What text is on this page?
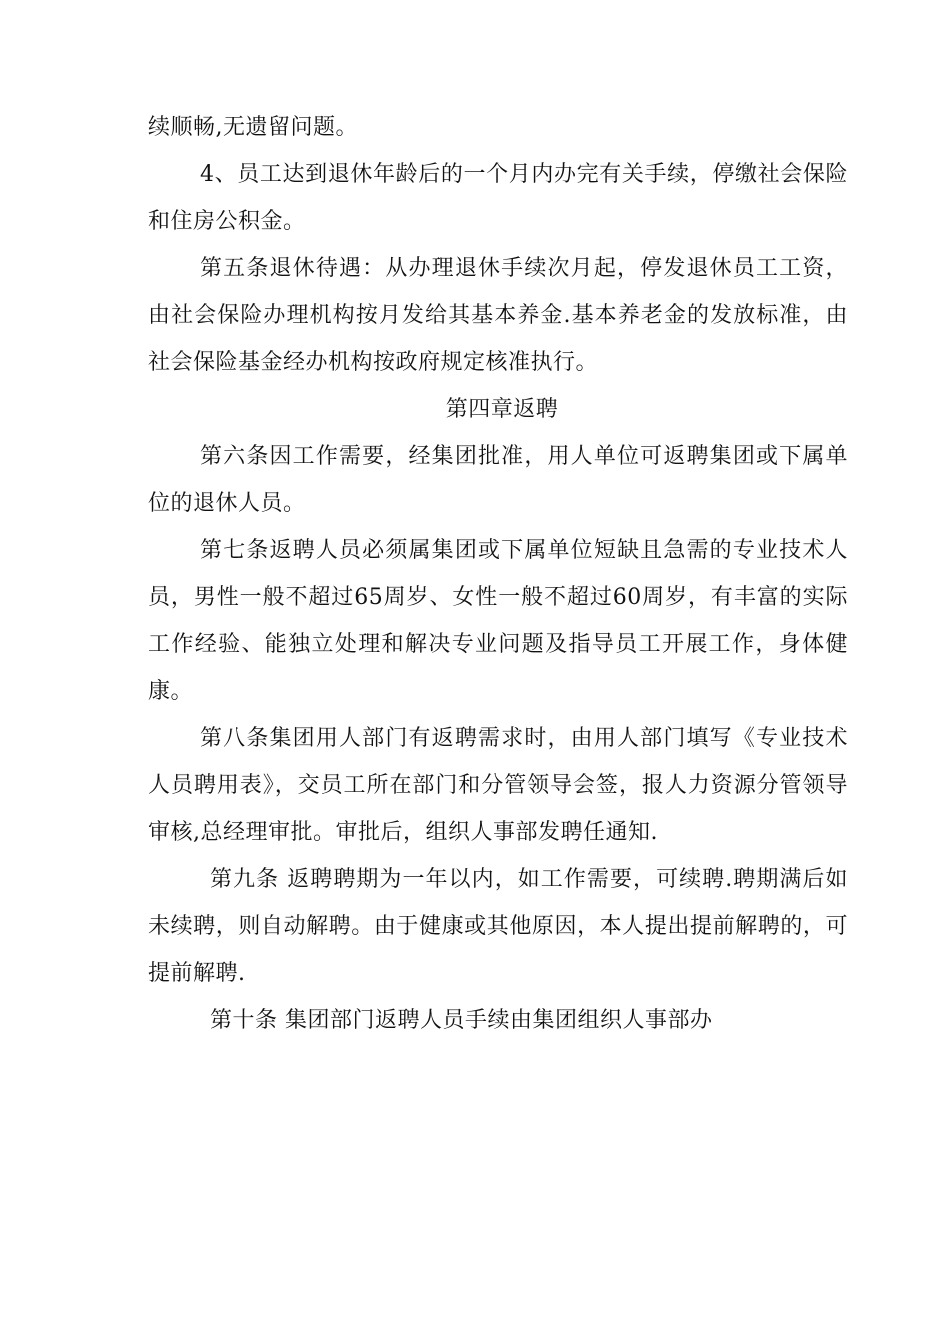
续顺畅,无遗留问题。

4、员工达到退休年龄后的一个月内办完有关手续，停缴社会保险和住房公积金。

第五条退休待遇：从办理退休手续次月起，停发退休员工工资，由社会保险办理机构按月发给其基本养金.基本养老金的发放标准，由社会保险基金经办机构按政府规定核准执行。

第四章返聘

第六条因工作需要，经集团批准，用人单位可返聘集团或下属单位的退休人员。

第七条返聘人员必须属集团或下属单位短缺且急需的专业技术人员，男性一般不超过65周岁、女性一般不超过60周岁，有丰富的实际工作经验、能独立处理和解决专业问题及指导员工开展工作，身体健康。

第八条集团用人部门有返聘需求时，由用人部门填写《专业技术人员聘用表》，交员工所在部门和分管领导会签，报人力资源分管领导审核,总经理审批。审批后，组织人事部发聘任通知.

第九条 返聘聘期为一年以内，如工作需要，可续聘.聘期满后如未续聘，则自动解聘。由于健康或其他原因，本人提出提前解聘的，可提前解聘.

第十条 集团部门返聘人员手续由集团组织人事部办
